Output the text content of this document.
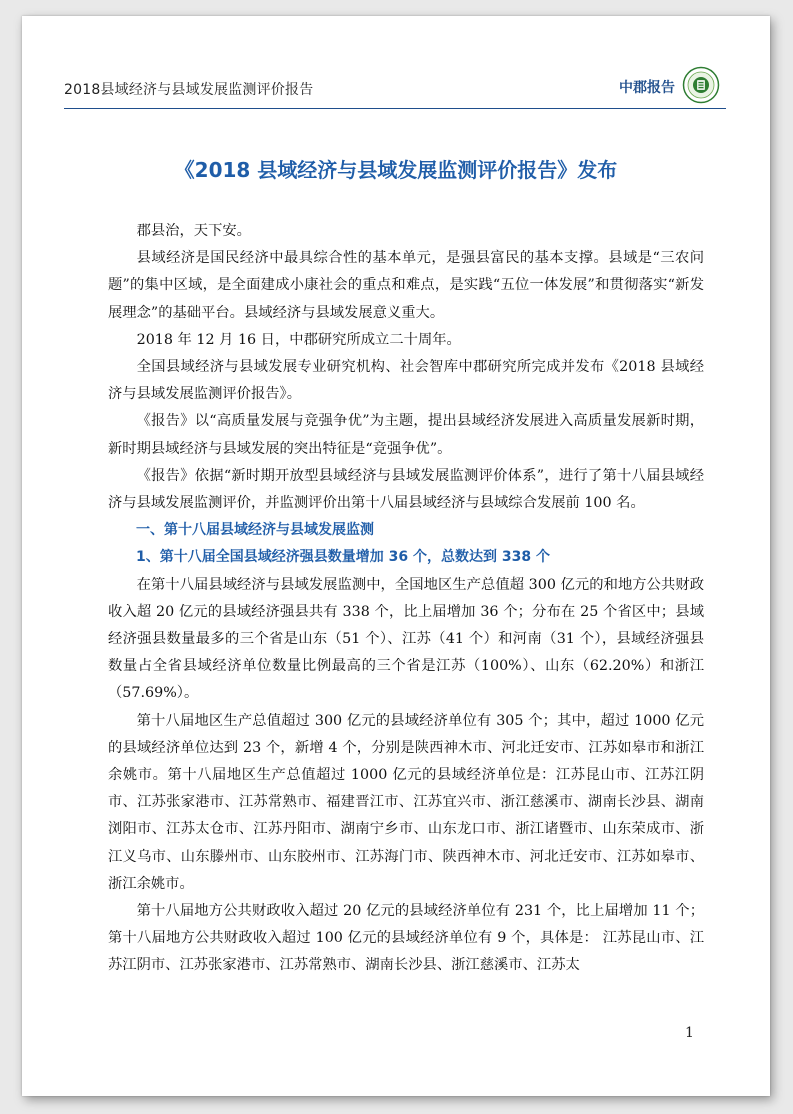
2018县域经济与县域发展监测评价报告	中郡报告
《2018 县域经济与县域发展监测评价报告》发布

郡县治，天下安。

县域经济是国民经济中最具综合性的基本单元，是强县富民的基本支撑。县域是“三农问题”的集中区域，是全面建成小康社会的重点和难点，是实践“五位一体发展”和贯彻落实“新发展理念”的基础平台。县域经济与县域发展意义重大。

2018 年 12 月 16 日，中郡研究所成立二十周年。

全国县域经济与县域发展专业研究机构、社会智库中郡研究所完成并发布《2018 县域经济与县域发展监测评价报告》。

《报告》以“高质量发展与竞强争优”为主题，提出县域经济发展进入高质量发展新时期，新时期县域经济与县域发展的突出特征是“竞强争优”。

《报告》依据“新时期开放型县域经济与县域发展监测评价体系”，进行了第十八届县域经济与县域发展监测评价，并监测评价出第十八届县域经济与县域综合发展前 100 名。

一、第十八届县域经济与县域发展监测

1、第十八届全国县域经济强县数量增加 36 个，总数达到 338 个

在第十八届县域经济与县域发展监测中，全国地区生产总值超 300 亿元的和地方公共财政收入超 20 亿元的县域经济强县共有 338 个，比上届增加 36 个；分布在 25 个省区中；县域经济强县数量最多的三个省是山东（51 个）、江苏（41 个）和河南（31 个），县域经济强县数量占全省县域经济单位数量比例最高的三个省是江苏（100%）、山东（62.20%）和浙江（57.69%）。

第十八届地区生产总值超过 300 亿元的县域经济单位有 305 个；其中，超过 1000 亿元的县域经济单位达到 23 个，新增 4 个，分别是陕西神木市、河北迁安市、江苏如皋市和浙江余姚市。第十八届地区生产总值超过 1000 亿元的县域经济单位是：江苏昆山市、江苏江阴市、江苏张家港市、江苏常熟市、福建晋江市、江苏宜兴市、浙江慈溪市、湖南长沙县、湖南浏阳市、江苏太仓市、江苏丹阳市、湖南宁乡市、山东龙口市、浙江诸暨市、山东荣成市、浙江义乌市、山东滕州市、山东胶州市、江苏海门市、陕西神木市、河北迁安市、江苏如皋市、浙江余姚市。

第十八届地方公共财政收入超过 20 亿元的县域经济单位有 231 个，比上届增加 11 个；第十八届地方公共财政收入超过 100 亿元的县域经济单位有 9 个，具体是： 江苏昆山市、江苏江阴市、江苏张家港市、江苏常熟市、湖南长沙县、浙江慈溪市、江苏太

1
